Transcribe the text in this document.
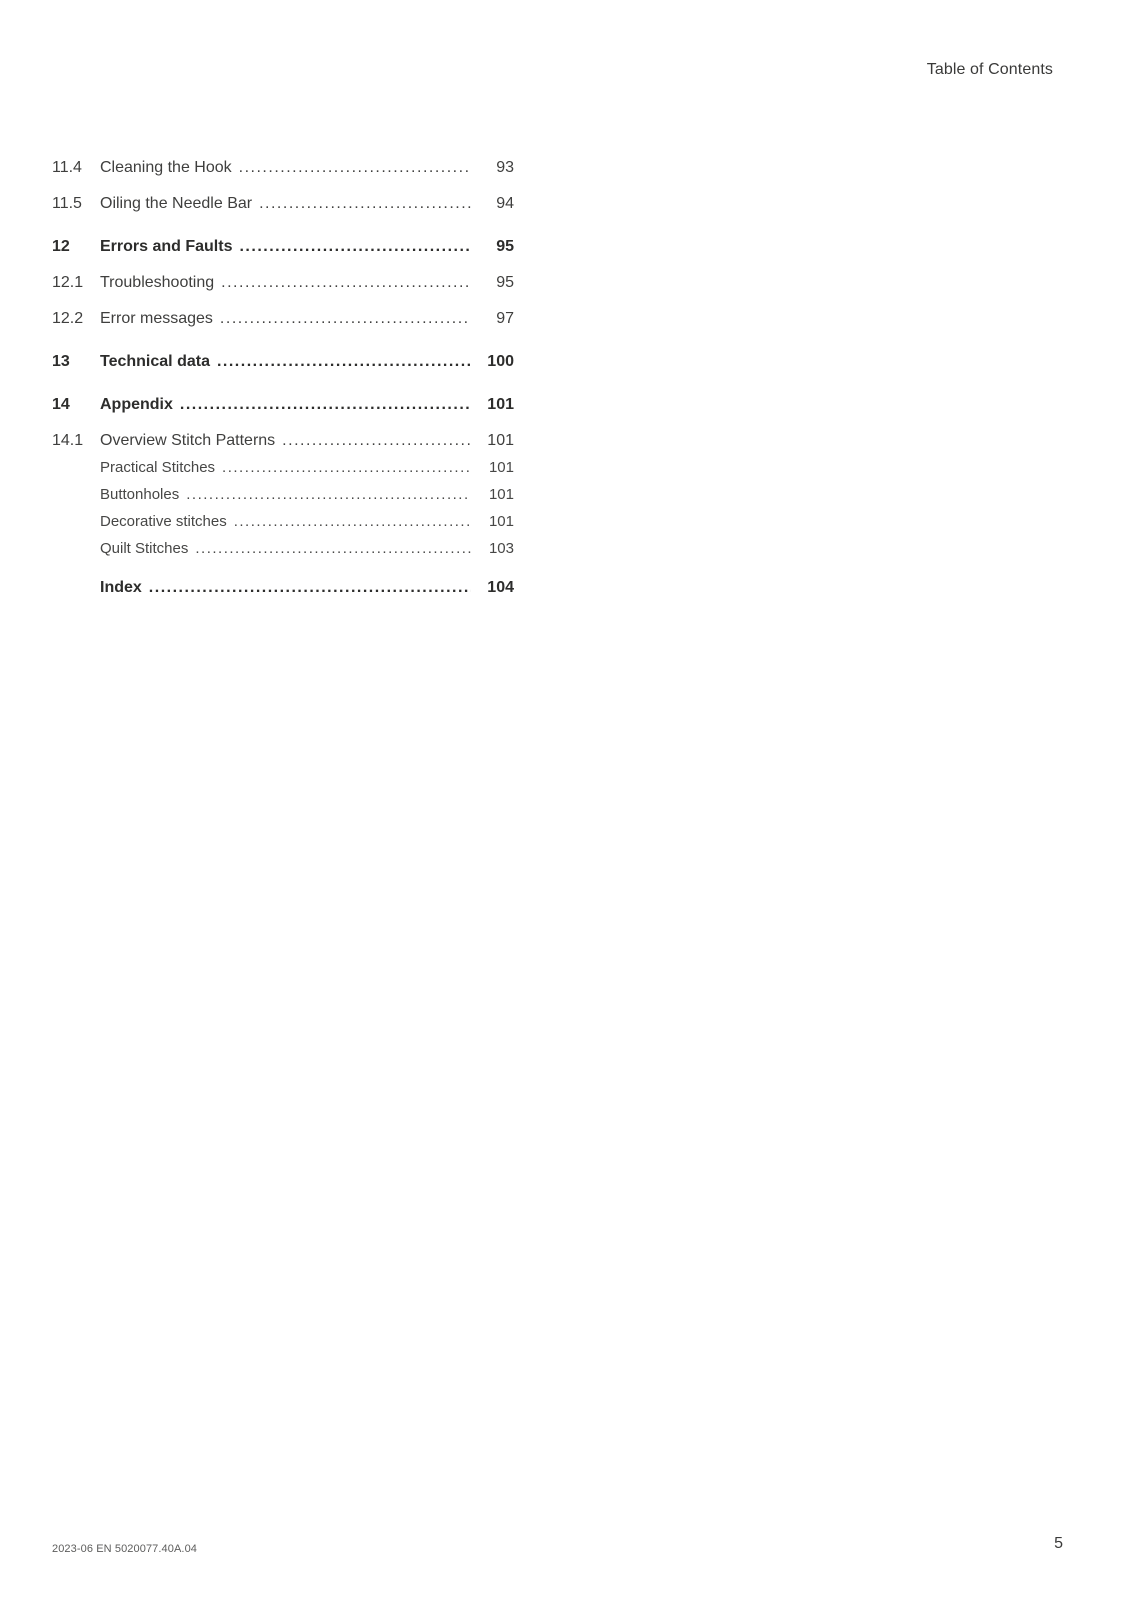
Table of Contents
11.4	Cleaning the Hook .....	93
11.5	Oiling the Needle Bar .....	94
12	Errors and Faults .....	95
12.1	Troubleshooting .....	95
12.2	Error messages .....	97
13	Technical data .....	100
14	Appendix .....	101
14.1	Overview Stitch Patterns .....	101
Practical Stitches .....	101
Buttonholes .....	101
Decorative stitches .....	101
Quilt Stitches .....	103
Index .....	104
2023-06 EN 5020077.40A.04	5
